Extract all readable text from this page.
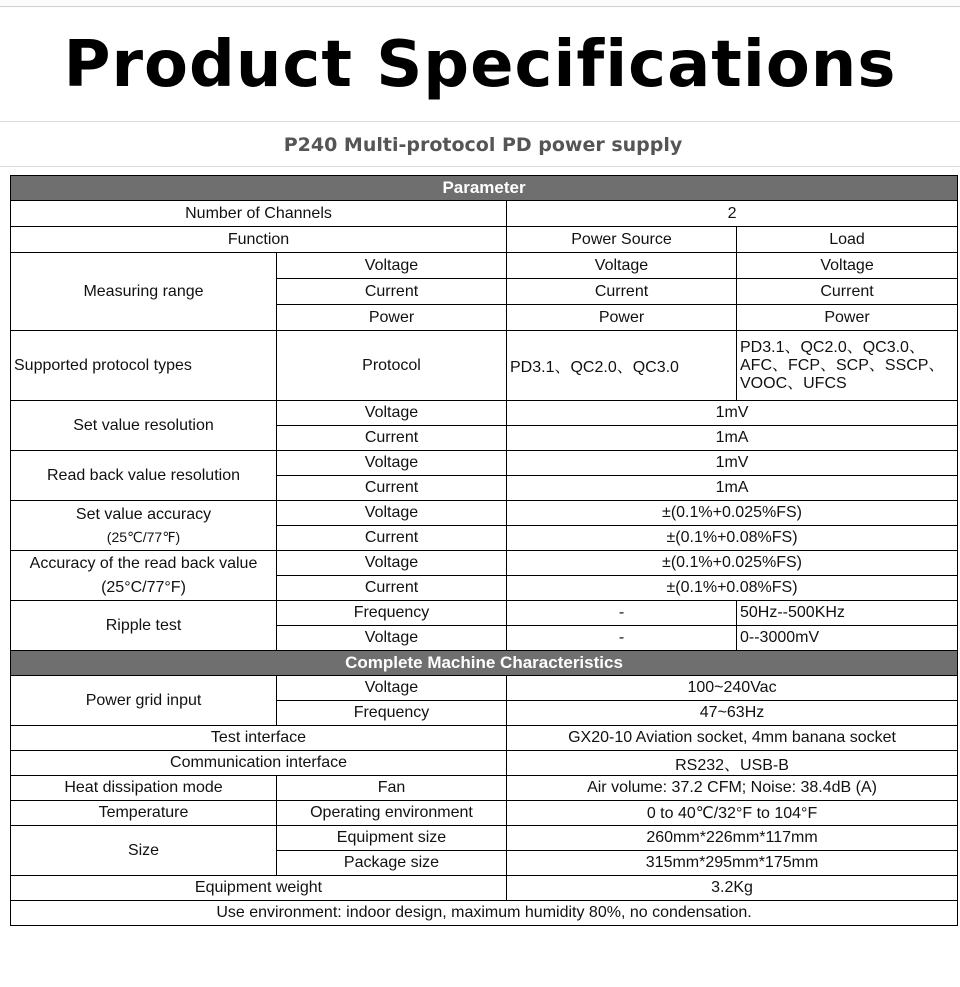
Product Specifications
P240 Multi-protocol PD power supply
Parameter			
Number of Channels		2	
Function		Power Source	Load
Measuring range	Voltage	Voltage	Voltage
	Current	Current	Current
	Power	Power	Power
Supported protocol types	Protocol	PD3.1、QC2.0、QC3.0	PD3.1、QC2.0、QC3.0、
AFC、FCP、SCP、SSCP、
VOOC、UFCS

Set value resolution	Voltage	1mV	
	Current	1mA	
Read back value resolution	Voltage	1mV	
	Current	1mA	

Set value accuracy
(25℃/77℉)	Voltage	±(0.1%+0.025%FS)	
	Current	±(0.1%+0.08%FS)	

Accuracy of the read back value
(25°C/77°F)	Voltage	±(0.1%+0.025%FS)	
	Current	±(0.1%+0.08%FS)	
Ripple test	Frequency	-	50Hz--500KHz
	Voltage	-	0--3000mV
Complete Machine Characteristics			
Power grid input	Voltage	100~240Vac	
	Frequency	47~63Hz	
Test interface		GX20-10 Aviation socket, 4mm banana socket	
Communication interface		RS232、USB-B	
Heat dissipation mode	Fan	Air volume: 37.2 CFM; Noise: 38.4dB (A)	
Temperature	Operating environment	0 to 40℃/32°F to 104°F	
Size	Equipment size	260mm*226mm*117mm	
	Package size	315mm*295mm*175mm	
Equipment weight		3.2Kg	
Use environment: indoor design, maximum humidity 80%, no condensation.			
